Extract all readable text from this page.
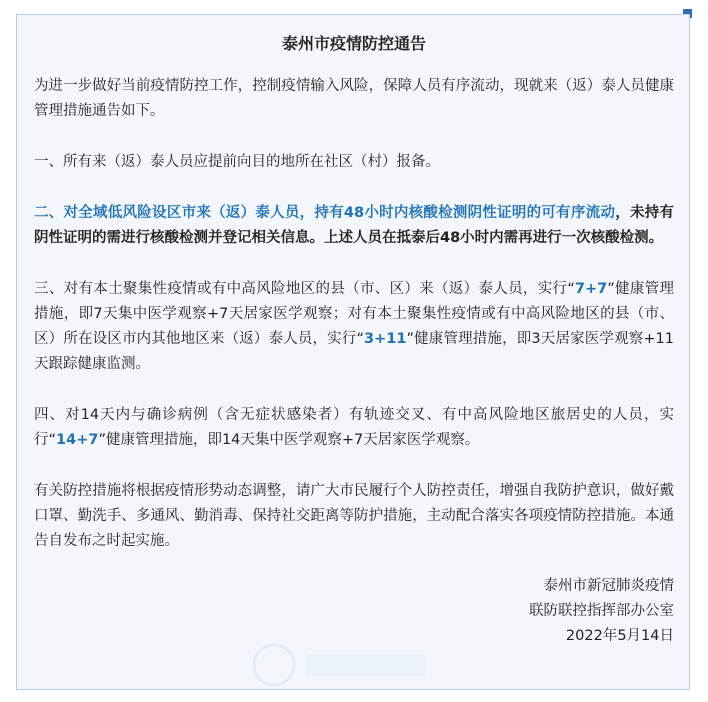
泰州市疫情防控通告

为进一步做好当前疫情防控工作，控制疫情输入风险，保障人员有序流动，现就来（返）泰人员健康管理措施通告如下。

一、所有来（返）泰人员应提前向目的地所在社区（村）报备。

二、对全域低风险设区市来（返）泰人员，持有48小时内核酸检测阴性证明的可有序流动，未持有阴性证明的需进行核酸检测并登记相关信息。上述人员在抵泰后48小时内需再进行一次核酸检测。

三、对有本土聚集性疫情或有中高风险地区的县（市、区）来（返）泰人员，实行“7+7”健康管理措施，即7天集中医学观察+7天居家医学观察；对有本土聚集性疫情或有中高风险地区的县（市、区）所在设区市内其他地区来（返）泰人员，实行“3+11”健康管理措施，即3天居家医学观察+11天跟踪健康监测。

四、对14天内与确诊病例（含无症状感染者）有轨迹交叉、有中高风险地区旅居史的人员，实行“14+7”健康管理措施，即14天集中医学观察+7天居家医学观察。

有关防控措施将根据疫情形势动态调整，请广大市民履行个人防控责任，增强自我防护意识，做好戴口罩、勤洗手、多通风、勤消毒、保持社交距离等防护措施，主动配合落实各项疫情防控措施。本通告自发布之时起实施。

泰州市新冠肺炎疫情
联防联控指挥部办公室
2022年5月14日
